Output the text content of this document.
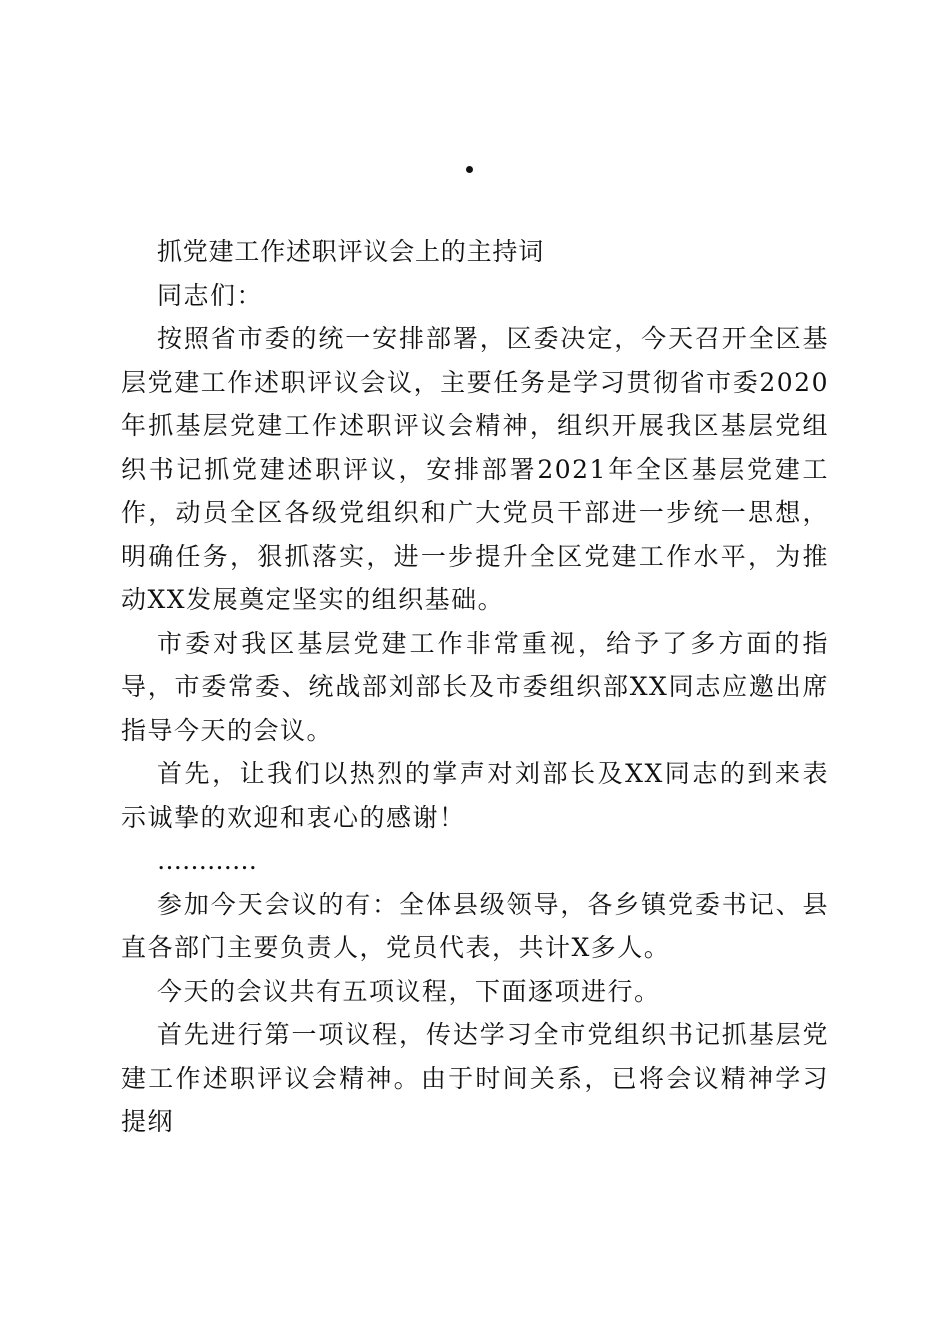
抓党建工作述职评议会上的主持词

同志们：

按照省市委的统一安排部署，区委决定，今天召开全区基层党建工作述职评议会议，主要任务是学习贯彻省市委2020年抓基层党建工作述职评议会精神，组织开展我区基层党组织书记抓党建述职评议，安排部署2021年全区基层党建工作，动员全区各级党组织和广大党员干部进一步统一思想，明确任务，狠抓落实，进一步提升全区党建工作水平，为推动XX发展奠定坚实的组织基础。

市委对我区基层党建工作非常重视，给予了多方面的指导，市委常委、统战部刘部长及市委组织部XX同志应邀出席指导今天的会议。

首先，让我们以热烈的掌声对刘部长及XX同志的到来表示诚挚的欢迎和衷心的感谢！

…………

参加今天会议的有：全体县级领导，各乡镇党委书记、县直各部门主要负责人，党员代表，共计X多人。

今天的会议共有五项议程，下面逐项进行。

首先进行第一项议程，传达学习全市党组织书记抓基层党建工作述职评议会精神。由于时间关系，已将会议精神学习提纲
